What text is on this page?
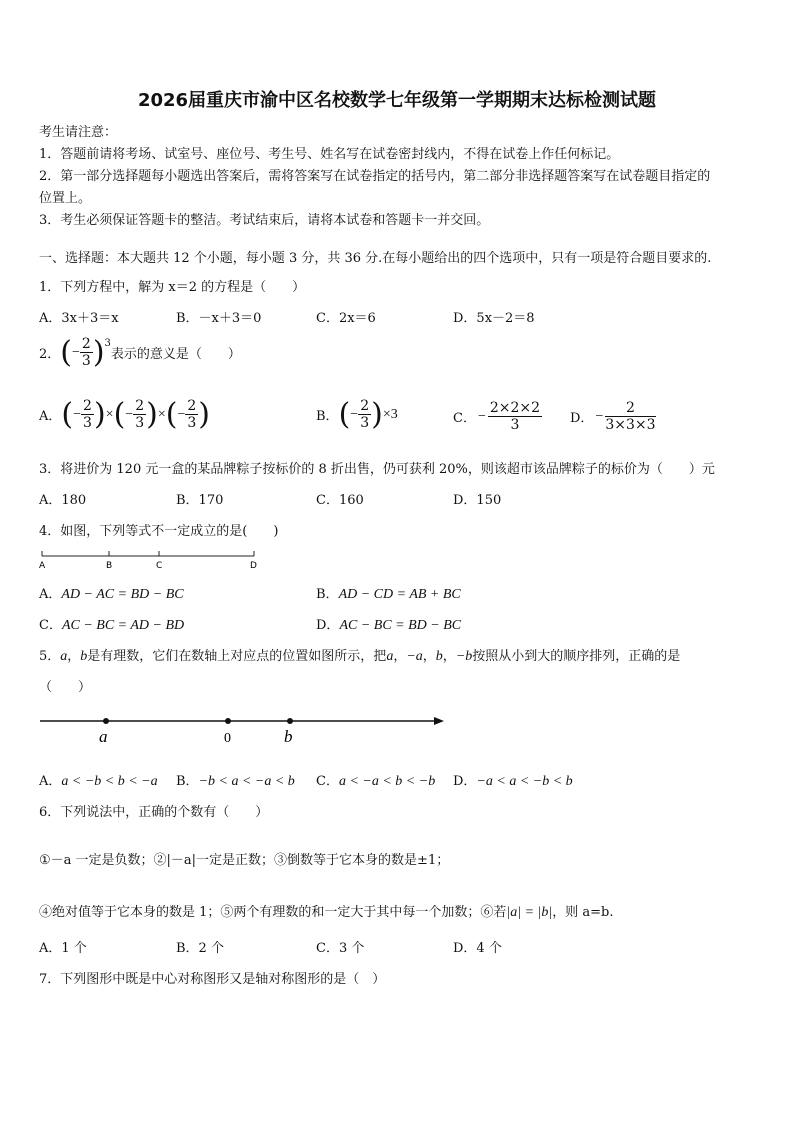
2026届重庆市渝中区名校数学七年级第一学期期末达标检测试题
考生请注意：
1．答题前请将考场、试室号、座位号、考生号、姓名写在试卷密封线内，不得在试卷上作任何标记。
2．第一部分选择题每小题选出答案后，需将答案写在试卷指定的括号内，第二部分非选择题答案写在试卷题目指定的
位置上。
3．考生必须保证答题卡的整洁。考试结束后，请将本试卷和答题卡一并交回。
一、选择题：本大题共 12 个小题，每小题 3 分，共 36 分.在每小题给出的四个选项中，只有一项是符合题目要求的.
1．下列方程中，解为 x＝2 的方程是（　　）
A．3x＋3＝x	B．－x＋3＝0	C．2x＝6	D．5x－2＝8
2． ( − $\frac{2}{3}$ ) 3
表示的意义是（　　）
A． ( − $\frac{2}{3}$ ) × ( − $\frac{2}{3}$ ) × ( − $\frac{2}{3}$ )	B． ( − $\frac{2}{3}$ ) ×3	C． − $\frac{2\times 2\times 2}{3}$ D． − $\frac{2}{3\times 3\times 3}$
3．将进价为 120 元一盒的某品牌粽子按标价的 8 折出售，仍可获利 20%，则该超市该品牌粽子的标价为（　　）元
A．180	B．170	C．160	D．150
4．如图，下列等式不一定成立的是(　　)
A	B	C	D
A．AD − AC = BD − BC	B．AD − CD = AB + BC
C．AC − BC = AD − BD	D．AC − BC = BD − BC
5．a，b是有理数，它们在数轴上对应点的位置如图所示，把a，−a，b，−b按照从小到大的顺序排列，正确的是
（　　）
a	0	b
A．a < −b < b < −a B．−b < a < −a < b C．a < −a < b < −b D．−a < a < −b < b
6．下列说法中，正确的个数有（　　）
①－a 一定是负数；②|－a|一定是正数；③倒数等于它本身的数是±1；
④绝对值等于它本身的数是 1；⑤两个有理数的和一定大于其中每一个加数；⑥若|a| = |b|，则 a=b.
A．1 个	B．2 个	C．3 个	D．4 个
7．下列图形中既是中心对称图形又是轴对称图形的是（　）
